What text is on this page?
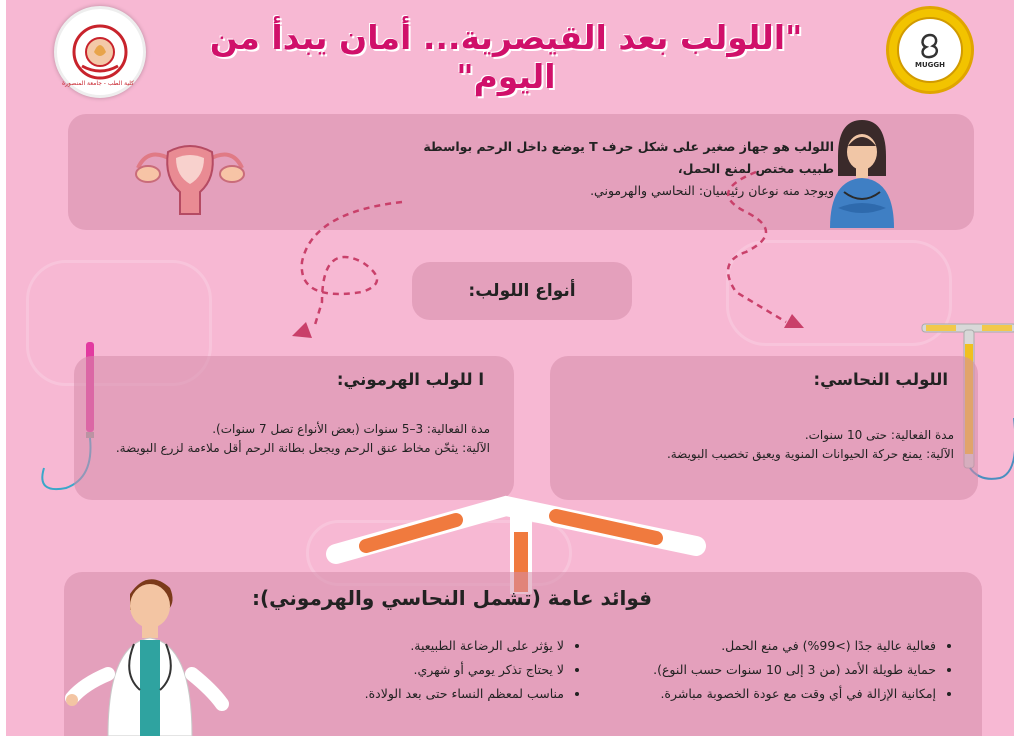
كلية الطب - جامعة المنصورة
MUGGH
"اللولب بعد القيصرية... أمان يبدأ من اليوم"

اللولب هو جهاز صغير على شكل حرف T يوضع داخل الرحم بواسطة
طبيب مختص لمنع الحمل،
ويوجد منه نوعان رئيسيان: النحاسي والهرموني.

أنواع اللولب:
اللولب النحاسي:
مدة الفعالية: حتى 10 سنوات.
الآلية: يمنع حركة الحيوانات المنوية ويعيق تخصيب البويضة.
ا للولب الهرموني:
مدة الفعالية: 3–5 سنوات (بعض الأنواع تصل 7 سنوات).
الآلية: يثخّن مخاط عنق الرحم ويجعل بطانة الرحم أقل ملاءمة لزرع البويضة.
فوائد عامة (تشمل النحاسي والهرموني):
• فعالية عالية جدًا (>99%) في منع الحمل.
• حماية طويلة الأمد (من 3 إلى 10 سنوات حسب النوع).
• إمكانية الإزالة في أي وقت مع عودة الخصوبة مباشرة.
• لا يؤثر على الرضاعة الطبيعية.
• لا يحتاج تذكر يومي أو شهري.
• مناسب لمعظم النساء حتى بعد الولادة.
